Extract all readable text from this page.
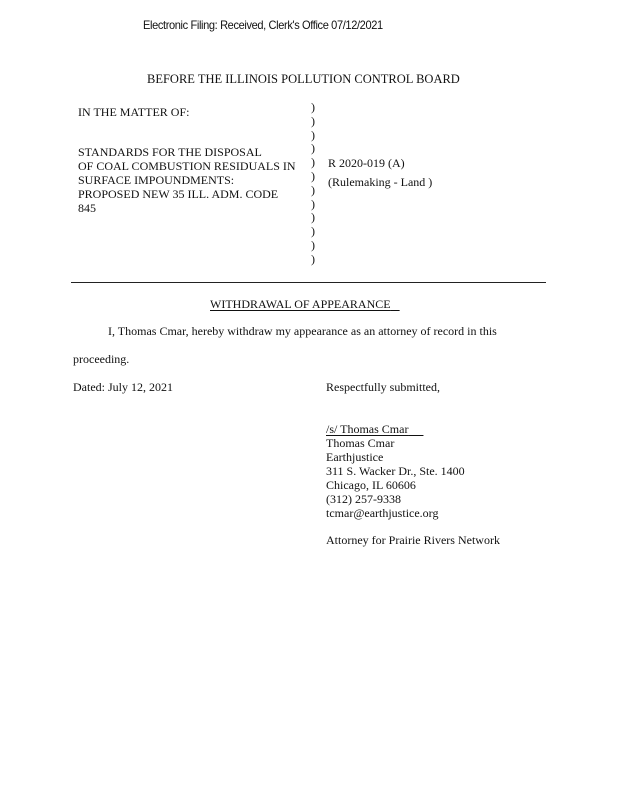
Electronic Filing: Received, Clerk's Office 07/12/2021
BEFORE THE ILLINOIS POLLUTION CONTROL BOARD
IN THE MATTER OF:
STANDARDS FOR THE DISPOSAL
OF COAL COMBUSTION RESIDUALS IN
SURFACE IMPOUNDMENTS:
PROPOSED NEW 35 ILL. ADM. CODE
845
)
)
)
)
)
)
)
)
)
)
)
)
R 2020-019 (A)
(Rulemaking - Land )
WITHDRAWAL OF APPEARANCE
I, Thomas Cmar, hereby withdraw my appearance as an attorney of record in this
proceeding.
Dated: July 12, 2021	Respectfully submitted,
/s/ Thomas Cmar
Thomas Cmar
Earthjustice
311 S. Wacker Dr., Ste. 1400
Chicago, IL 60606
(312) 257-9338
tcmar@earthjustice.org
Attorney for Prairie Rivers Network
